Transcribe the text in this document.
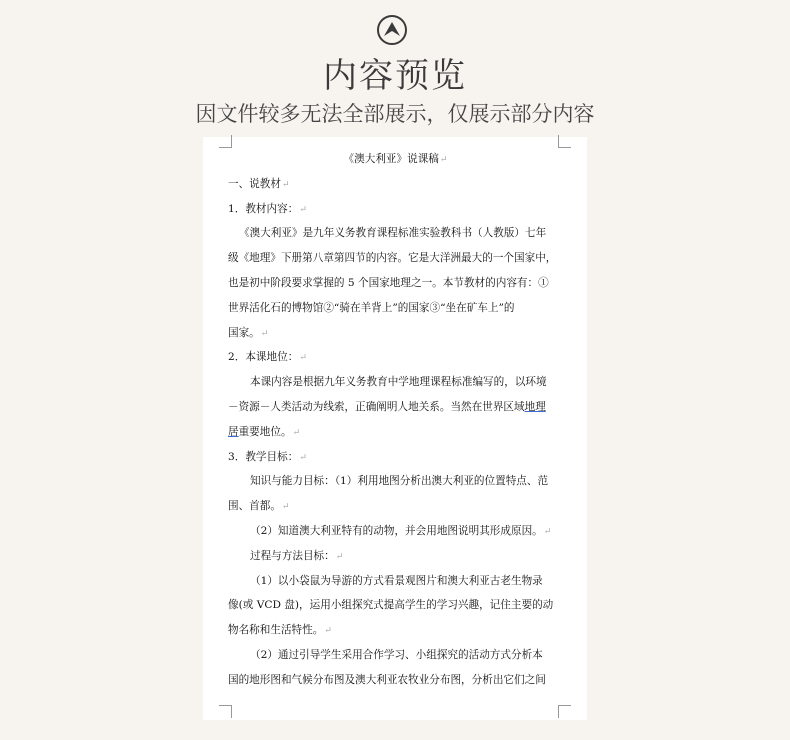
内容预览
因文件较多无法全部展示，仅展示部分内容
《澳大利亚》说课稿↵
一、说教材↵
1．教材内容：↵
《澳大利亚》是九年义务教育课程标准实验教科书（人教版）七年
级《地理》下册第八章第四节的内容。它是大洋洲最大的一个国家中，
也是初中阶段要求掌握的 5 个国家地理之一。本节教材的内容有：①
世界活化石的博物馆②“骑在羊背上”的国家③“坐在矿车上”的
国家。↵
2．本课地位：↵
本课内容是根据九年义务教育中学地理课程标准编写的，以环境
－资源－人类活动为线索，正确阐明人地关系。当然在世界区域地理
居重要地位。↵
3．教学目标：↵
知识与能力目标：（1）利用地图分析出澳大利亚的位置特点、范
围、首都。↵
（2）知道澳大利亚特有的动物，并会用地图说明其形成原因。↵
过程与方法目标：↵
（1）以小袋鼠为导游的方式看景观图片和澳大利亚古老生物录
像(或 VCD 盘)，运用小组探究式提高学生的学习兴趣，记住主要的动
物名称和生活特性。↵
（2）通过引导学生采用合作学习、小组探究的活动方式分析本
国的地形图和气候分布图及澳大利亚农牧业分布图，分析出它们之间
